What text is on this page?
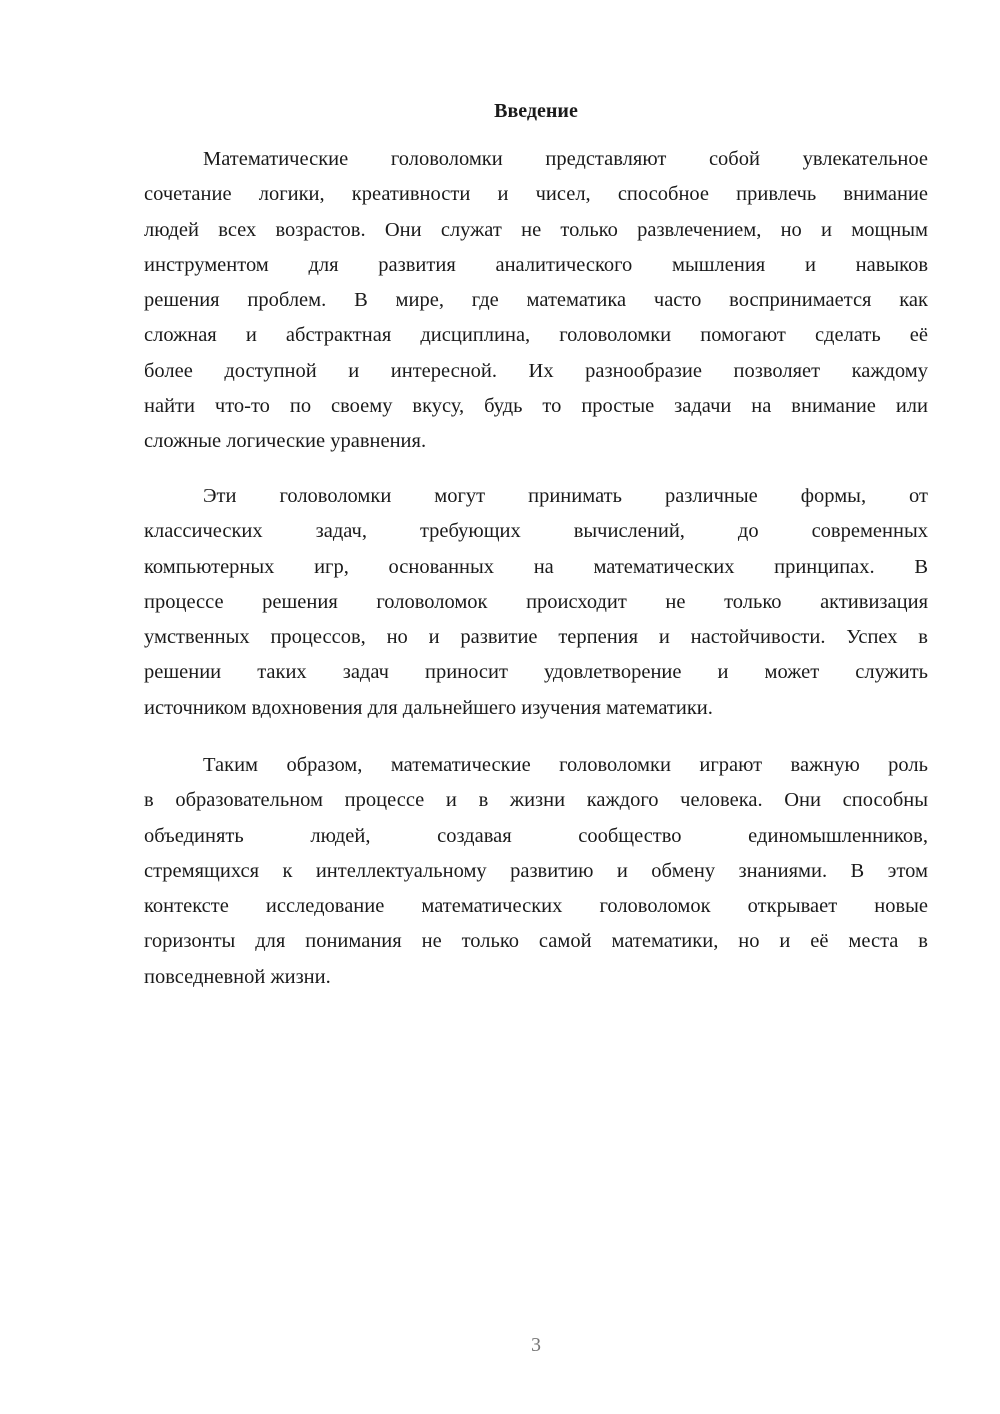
Введение
Математические головоломки представляют собой увлекательное
сочетание логики, креативности и чисел, способное привлечь внимание
людей всех возрастов. Они служат не только развлечением, но и мощным
инструментом для развития аналитического мышления и навыков
решения проблем. В мире, где математика часто воспринимается как
сложная и абстрактная дисциплина, головоломки помогают сделать её
более доступной и интересной. Их разнообразие позволяет каждому
найти что-то по своему вкусу, будь то простые задачи на внимание или
сложные логические уравнения.
Эти головоломки могут принимать различные формы, от
классических задач, требующих вычислений, до современных
компьютерных игр, основанных на математических принципах. В
процессе решения головоломок происходит не только активизация
умственных процессов, но и развитие терпения и настойчивости. Успех в
решении таких задач приносит удовлетворение и может служить
источником вдохновения для дальнейшего изучения математики.
Таким образом, математические головоломки играют важную роль
в образовательном процессе и в жизни каждого человека. Они способны
объединять людей, создавая сообщество единомышленников,
стремящихся к интеллектуальному развитию и обмену знаниями. В этом
контексте исследование математических головоломок открывает новые
горизонты для понимания не только самой математики, но и её места в
повседневной жизни.
3
